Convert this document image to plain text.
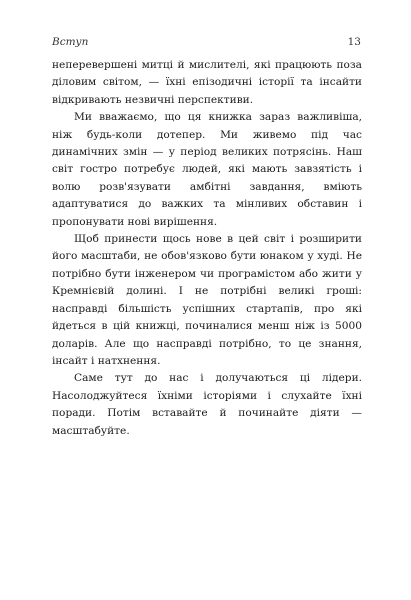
Вступ	13

неперевершені митці й мислителі, які працюють поза діловим світом, — їхні епізодичні історії та інсайти відкривають незвичні перспективи.

Ми вважаємо, що ця книжка зараз важливіша, ніж будь-коли дотепер. Ми живемо під час динамічних змін — у період великих потрясінь. Наш світ гостро потребує людей, які мають завзятість і волю розв'язувати амбітні завдання, вміють адаптуватися до важких та мінливих обставин і пропонувати нові вирішення.

Щоб принести щось нове в цей світ і розширити його масштаби, не обов'язково бути юнаком у худі. Не потрібно бути інженером чи програмістом або жити у Кремнієвій долині. І не потрібні великі гроші: насправді більшість успішних стартапів, про які йдеться в цій книжці, починалися менш ніж із 5000 доларів. Але що насправді потрібно, то це знання, інсайт і натхнення.

Саме тут до нас і долучаються ці лідери. Насолоджуйтеся їхніми історіями і слухайте їхні поради. Потім вставайте й починайте діяти — масштабуйте.
